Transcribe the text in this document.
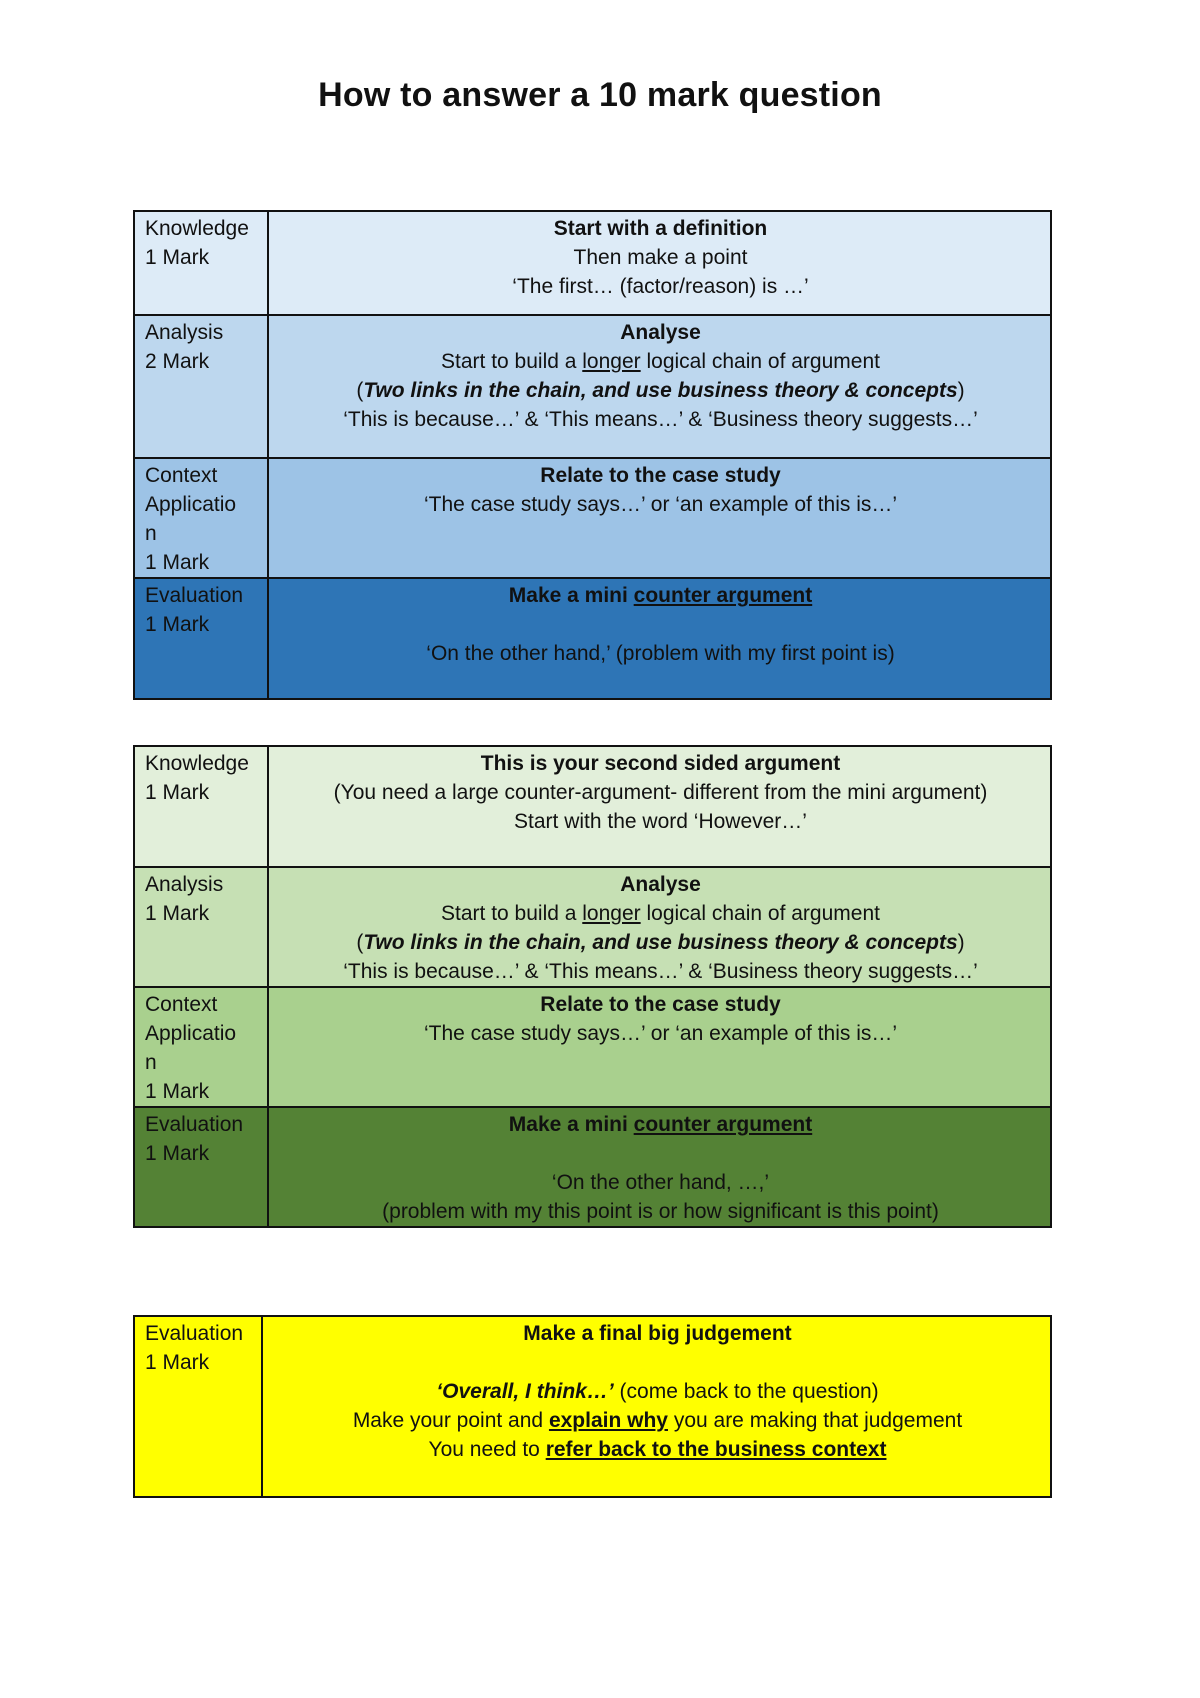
How to answer a 10 mark question
Knowledge
1 Mark	Start with a definition
Then make a point
‘The first… (factor/reason) is …’

Analysis
2 Mark	Analyse
Start to build a longer logical chain of argument
(Two links in the chain, and use business theory & concepts)
‘This is because…’ & ‘This means…’ & ‘Business theory suggests…’

Context
Applicatio
n
1 Mark	Relate to the case study
‘The case study says…’ or ‘an example of this is…’

Evaluation
1 Mark	Make a mini counter argument

‘On the other hand,’ (problem with my first point is)
Knowledge
1 Mark	This is your second sided argument
(You need a large counter-argument- different from the mini argument)
Start with the word ‘However…’

Analysis
1 Mark	Analyse
Start to build a longer logical chain of argument
(Two links in the chain, and use business theory & concepts)
‘This is because…’ & ‘This means…’ & ‘Business theory suggests…’

Context
Applicatio
n
1 Mark	Relate to the case study
‘The case study says…’ or ‘an example of this is…’

Evaluation
1 Mark	Make a mini counter argument

‘On the other hand, …,’
(problem with my this point is or how significant is this point)
Evaluation
1 Mark

Make a final big judgement

‘Overall, I think…’ (come back to the question)
Make your point and explain why you are making that judgement
You need to refer back to the business context
